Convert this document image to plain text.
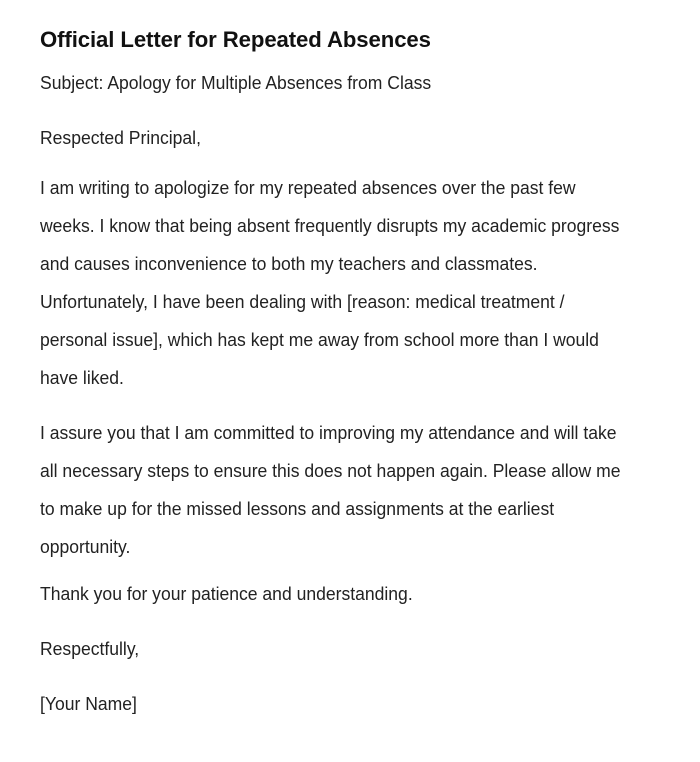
Official Letter for Repeated Absences

Subject: Apology for Multiple Absences from Class

Respected Principal,

I am writing to apologize for my repeated absences over the past few weeks. I know that being absent frequently disrupts my academic progress and causes inconvenience to both my teachers and classmates. Unfortunately, I have been dealing with [reason: medical treatment / personal issue], which has kept me away from school more than I would have liked.

I assure you that I am committed to improving my attendance and will take all necessary steps to ensure this does not happen again. Please allow me to make up for the missed lessons and assignments at the earliest opportunity.

Thank you for your patience and understanding.

Respectfully,

[Your Name]
